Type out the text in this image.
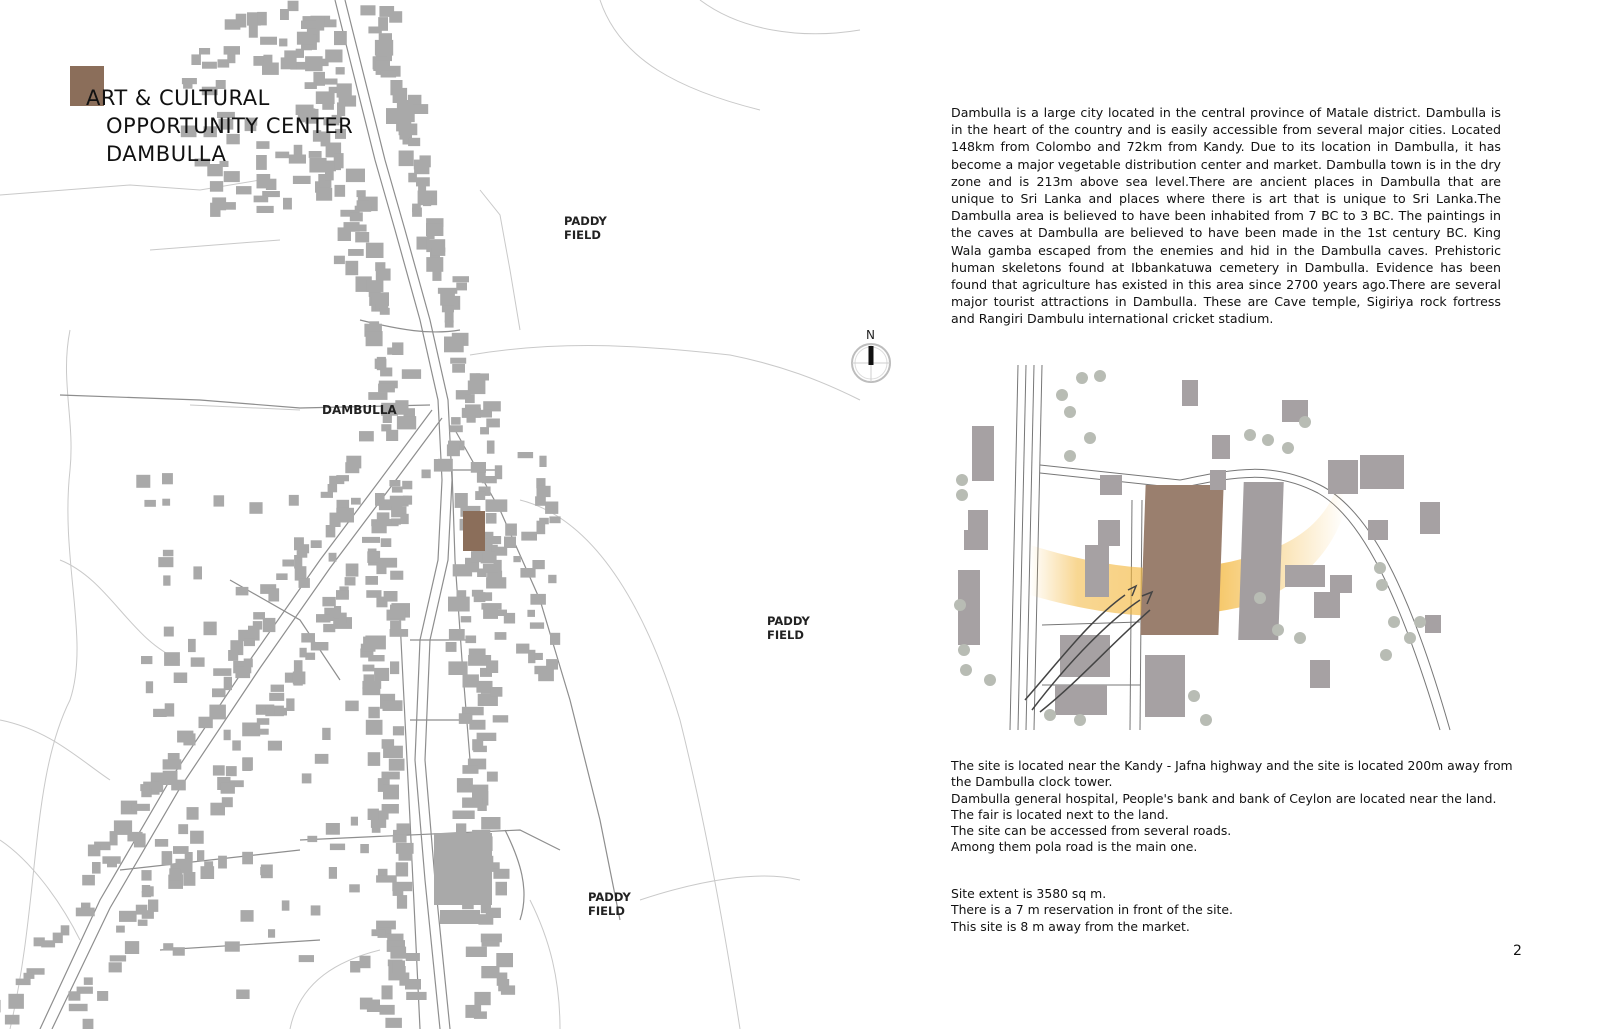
N
PADDY
FIELD
PADDY
FIELD
PADDY
FIELD
DAMBULLA
ART & CULTURAL
OPPORTUNITY CENTER
DAMBULLA
Dambulla is a large city located in the central province of Matale district. Dambulla is in the heart of the country and is easily accessible from several major cities. Located 148km from Colombo and 72km from Kandy. Due to its location in Dambulla, it has become a major vegetable distribution center and market. Dambulla town is in the dry zone and is 213m above sea level.There are ancient places in Dambulla that are unique to Sri Lanka and places where there is art that is unique to Sri Lanka.The Dambulla area is believed to have been inhabited from 7 BC to 3 BC. The paintings in the caves at Dambulla are believed to have been made in the 1st century BC. King Wala gamba escaped from the enemies and hid in the Dambulla caves. Prehistoric human skeletons found at Ibbankatuwa cemetery in Dambulla. Evidence has been found that agriculture has existed in this area since 2700 years ago.There are several major tourist attractions in Dambulla. These are Cave temple, Sigiriya rock fortress and Rangiri Dambulu international cricket stadium.

The site is located near the Kandy - Jafna highway and the site is located 200m away from the Dambulla clock tower.

Dambulla general hospital, People's bank and bank of Ceylon are located near the land.

The fair is located next to the land.

The site can be accessed from several roads.

Among them pola road is the main one.

Site extent is 3580 sq m.

There is a 7 m reservation in front of the site.

This site is 8 m away from the market.

2
